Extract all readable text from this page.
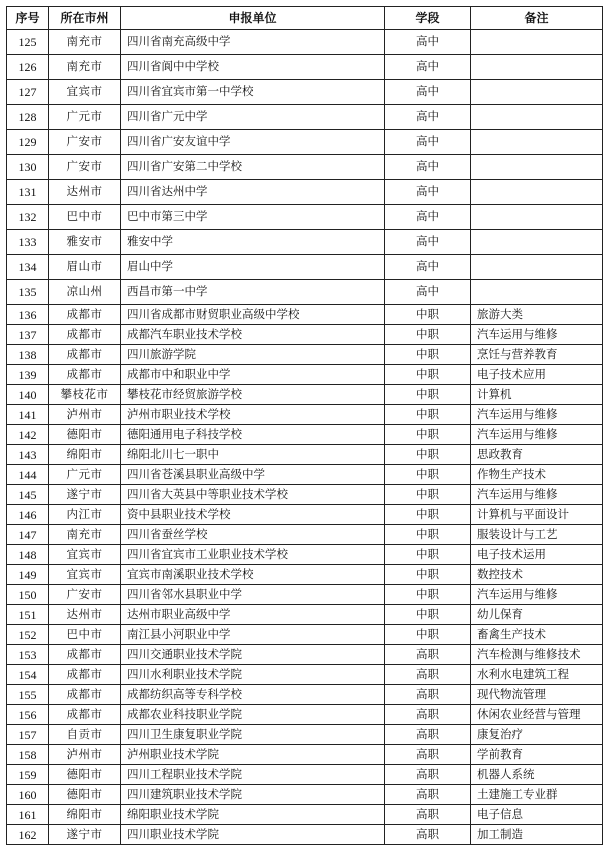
序号	所在市州	申报单位	学段	备注
125	南充市	四川省南充高级中学	高中	
126	南充市	四川省阆中中学校	高中	
127	宜宾市	四川省宜宾市第一中学校	高中	
128	广元市	四川省广元中学	高中	
129	广安市	四川省广安友谊中学	高中	
130	广安市	四川省广安第二中学校	高中	
131	达州市	四川省达州中学	高中	
132	巴中市	巴中市第三中学	高中	
133	雅安市	雅安中学	高中	
134	眉山市	眉山中学	高中	
135	凉山州	西昌市第一中学	高中	
136	成都市	四川省成都市财贸职业高级中学校	中职	旅游大类
137	成都市	成都汽车职业技术学校	中职	汽车运用与维修
138	成都市	四川旅游学院	中职	烹饪与营养教育
139	成都市	成都市中和职业中学	中职	电子技术应用
140	攀枝花市	攀枝花市经贸旅游学校	中职	计算机
141	泸州市	泸州市职业技术学校	中职	汽车运用与维修
142	德阳市	德阳通用电子科技学校	中职	汽车运用与维修
143	绵阳市	绵阳北川七一职中	中职	思政教育
144	广元市	四川省苍溪县职业高级中学	中职	作物生产技术
145	遂宁市	四川省大英县中等职业技术学校	中职	汽车运用与维修
146	内江市	资中县职业技术学校	中职	计算机与平面设计
147	南充市	四川省蚕丝学校	中职	服装设计与工艺
148	宜宾市	四川省宜宾市工业职业技术学校	中职	电子技术运用
149	宜宾市	宜宾市南溪职业技术学校	中职	数控技术
150	广安市	四川省邻水县职业中学	中职	汽车运用与维修
151	达州市	达州市职业高级中学	中职	幼儿保育
152	巴中市	南江县小河职业中学	中职	畜禽生产技术
153	成都市	四川交通职业技术学院	高职	汽车检测与维修技术
154	成都市	四川水利职业技术学院	高职	水利水电建筑工程
155	成都市	成都纺织高等专科学校	高职	现代物流管理
156	成都市	成都农业科技职业学院	高职	休闲农业经营与管理
157	自贡市	四川卫生康复职业学院	高职	康复治疗
158	泸州市	泸州职业技术学院	高职	学前教育
159	德阳市	四川工程职业技术学院	高职	机器人系统
160	德阳市	四川建筑职业技术学院	高职	土建施工专业群
161	绵阳市	绵阳职业技术学院	高职	电子信息
162	遂宁市	四川职业技术学院	高职	加工制造
